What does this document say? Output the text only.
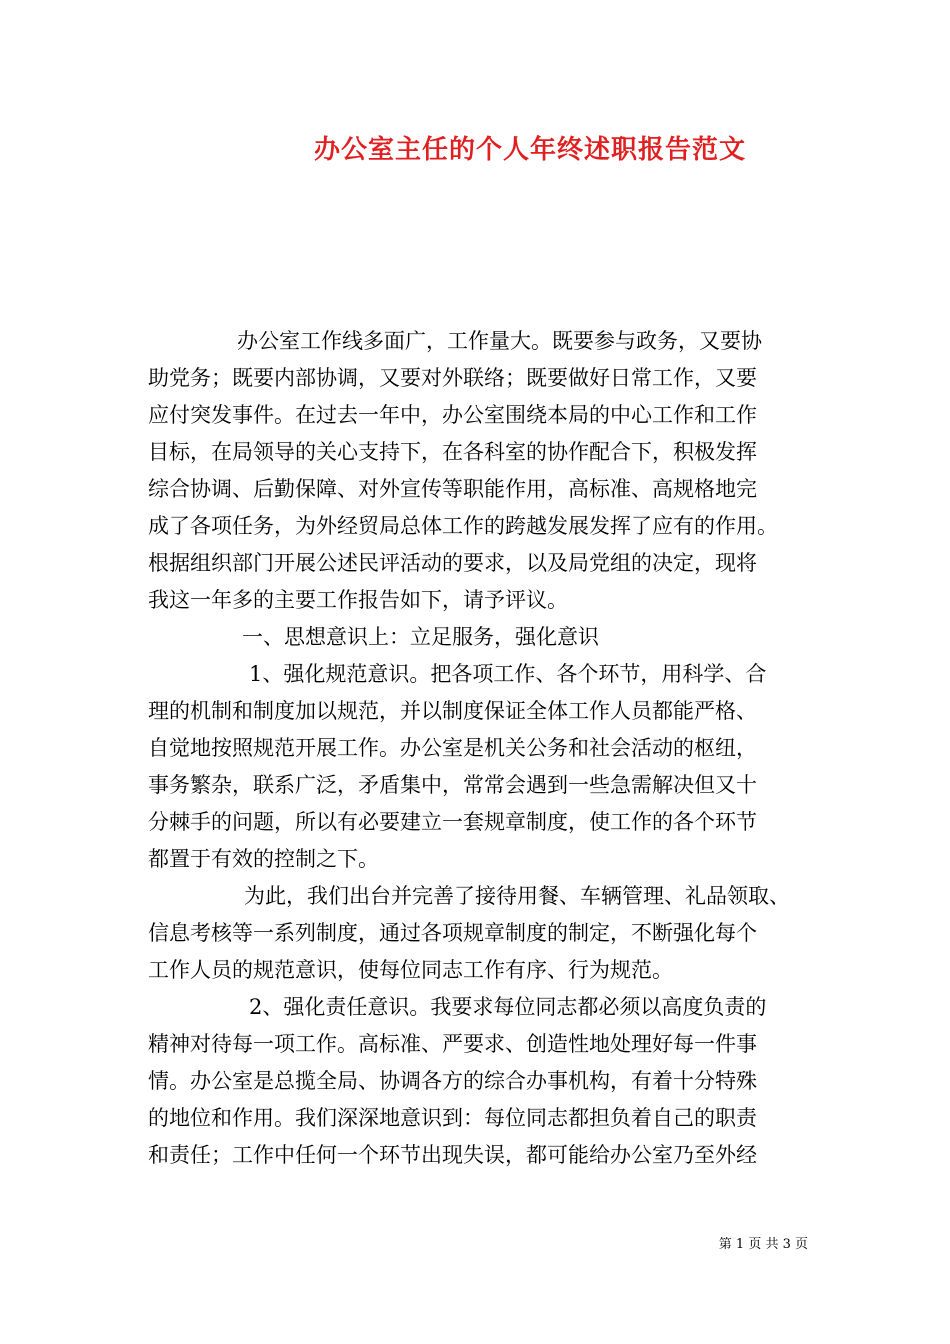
办公室主任的个人年终述职报告范文
办公室工作线多面广，工作量大。既要参与政务，又要协
助党务；既要内部协调，又要对外联络；既要做好日常工作，又要
应付突发事件。在过去一年中，办公室围绕本局的中心工作和工作
目标，在局领导的关心支持下，在各科室的协作配合下，积极发挥
综合协调、后勤保障、对外宣传等职能作用，高标准、高规格地完
成了各项任务，为外经贸局总体工作的跨越发展发挥了应有的作用。
根据组织部门开展公述民评活动的要求，以及局党组的决定，现将
我这一年多的主要工作报告如下，请予评议。
一、思想意识上：立足服务，强化意识
1、强化规范意识。把各项工作、各个环节，用科学、合
理的机制和制度加以规范，并以制度保证全体工作人员都能严格、
自觉地按照规范开展工作。办公室是机关公务和社会活动的枢纽，
事务繁杂，联系广泛，矛盾集中，常常会遇到一些急需解决但又十
分棘手的问题，所以有必要建立一套规章制度，使工作的各个环节
都置于有效的控制之下。
为此，我们出台并完善了接待用餐、车辆管理、礼品领取、
信息考核等一系列制度，通过各项规章制度的制定，不断强化每个
工作人员的规范意识，使每位同志工作有序、行为规范。
2、强化责任意识。我要求每位同志都必须以高度负责的
精神对待每一项工作。高标准、严要求、创造性地处理好每一件事
情。办公室是总揽全局、协调各方的综合办事机构，有着十分特殊
的地位和作用。我们深深地意识到：每位同志都担负着自己的职责
和责任；工作中任何一个环节出现失误，都可能给办公室乃至外经
第 1 页 共 3 页
